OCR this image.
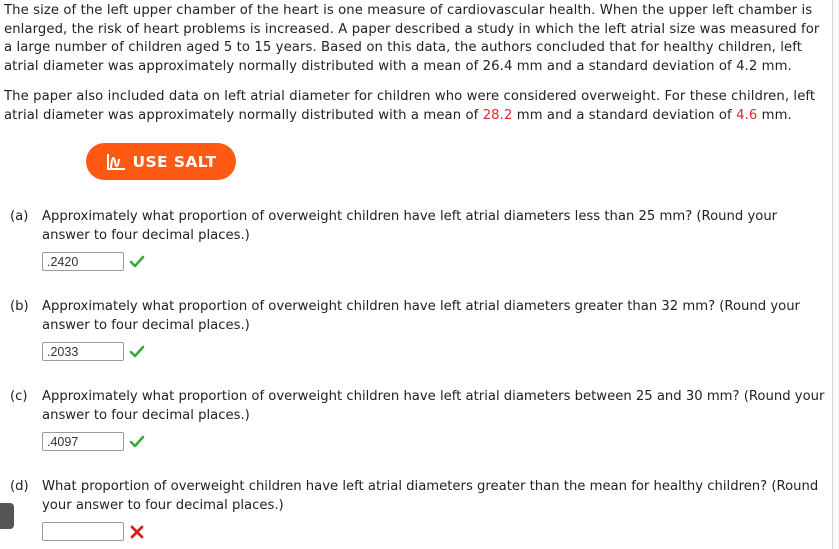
The size of the left upper chamber of the heart is one measure of cardiovascular health. When the upper left chamber is enlarged, the risk of heart problems is increased. A paper described a study in which the left atrial size was measured for a large number of children aged 5 to 15 years. Based on this data, the authors concluded that for healthy children, left atrial diameter was approximately normally distributed with a mean of 26.4 mm and a standard deviation of 4.2 mm.
The paper also included data on left atrial diameter for children who were considered overweight. For these children, left atrial diameter was approximately normally distributed with a mean of 28.2 mm and a standard deviation of 4.6 mm.
USE SALT
(a) Approximately what proportion of overweight children have left atrial diameters less than 25 mm? (Round your answer to four decimal places.)
.2420
(b) Approximately what proportion of overweight children have left atrial diameters greater than 32 mm? (Round your answer to four decimal places.)
.2033
(c) Approximately what proportion of overweight children have left atrial diameters between 25 and 30 mm? (Round your answer to four decimal places.)
.4097
(d) What proportion of overweight children have left atrial diameters greater than the mean for healthy children? (Round your answer to four decimal places.)
